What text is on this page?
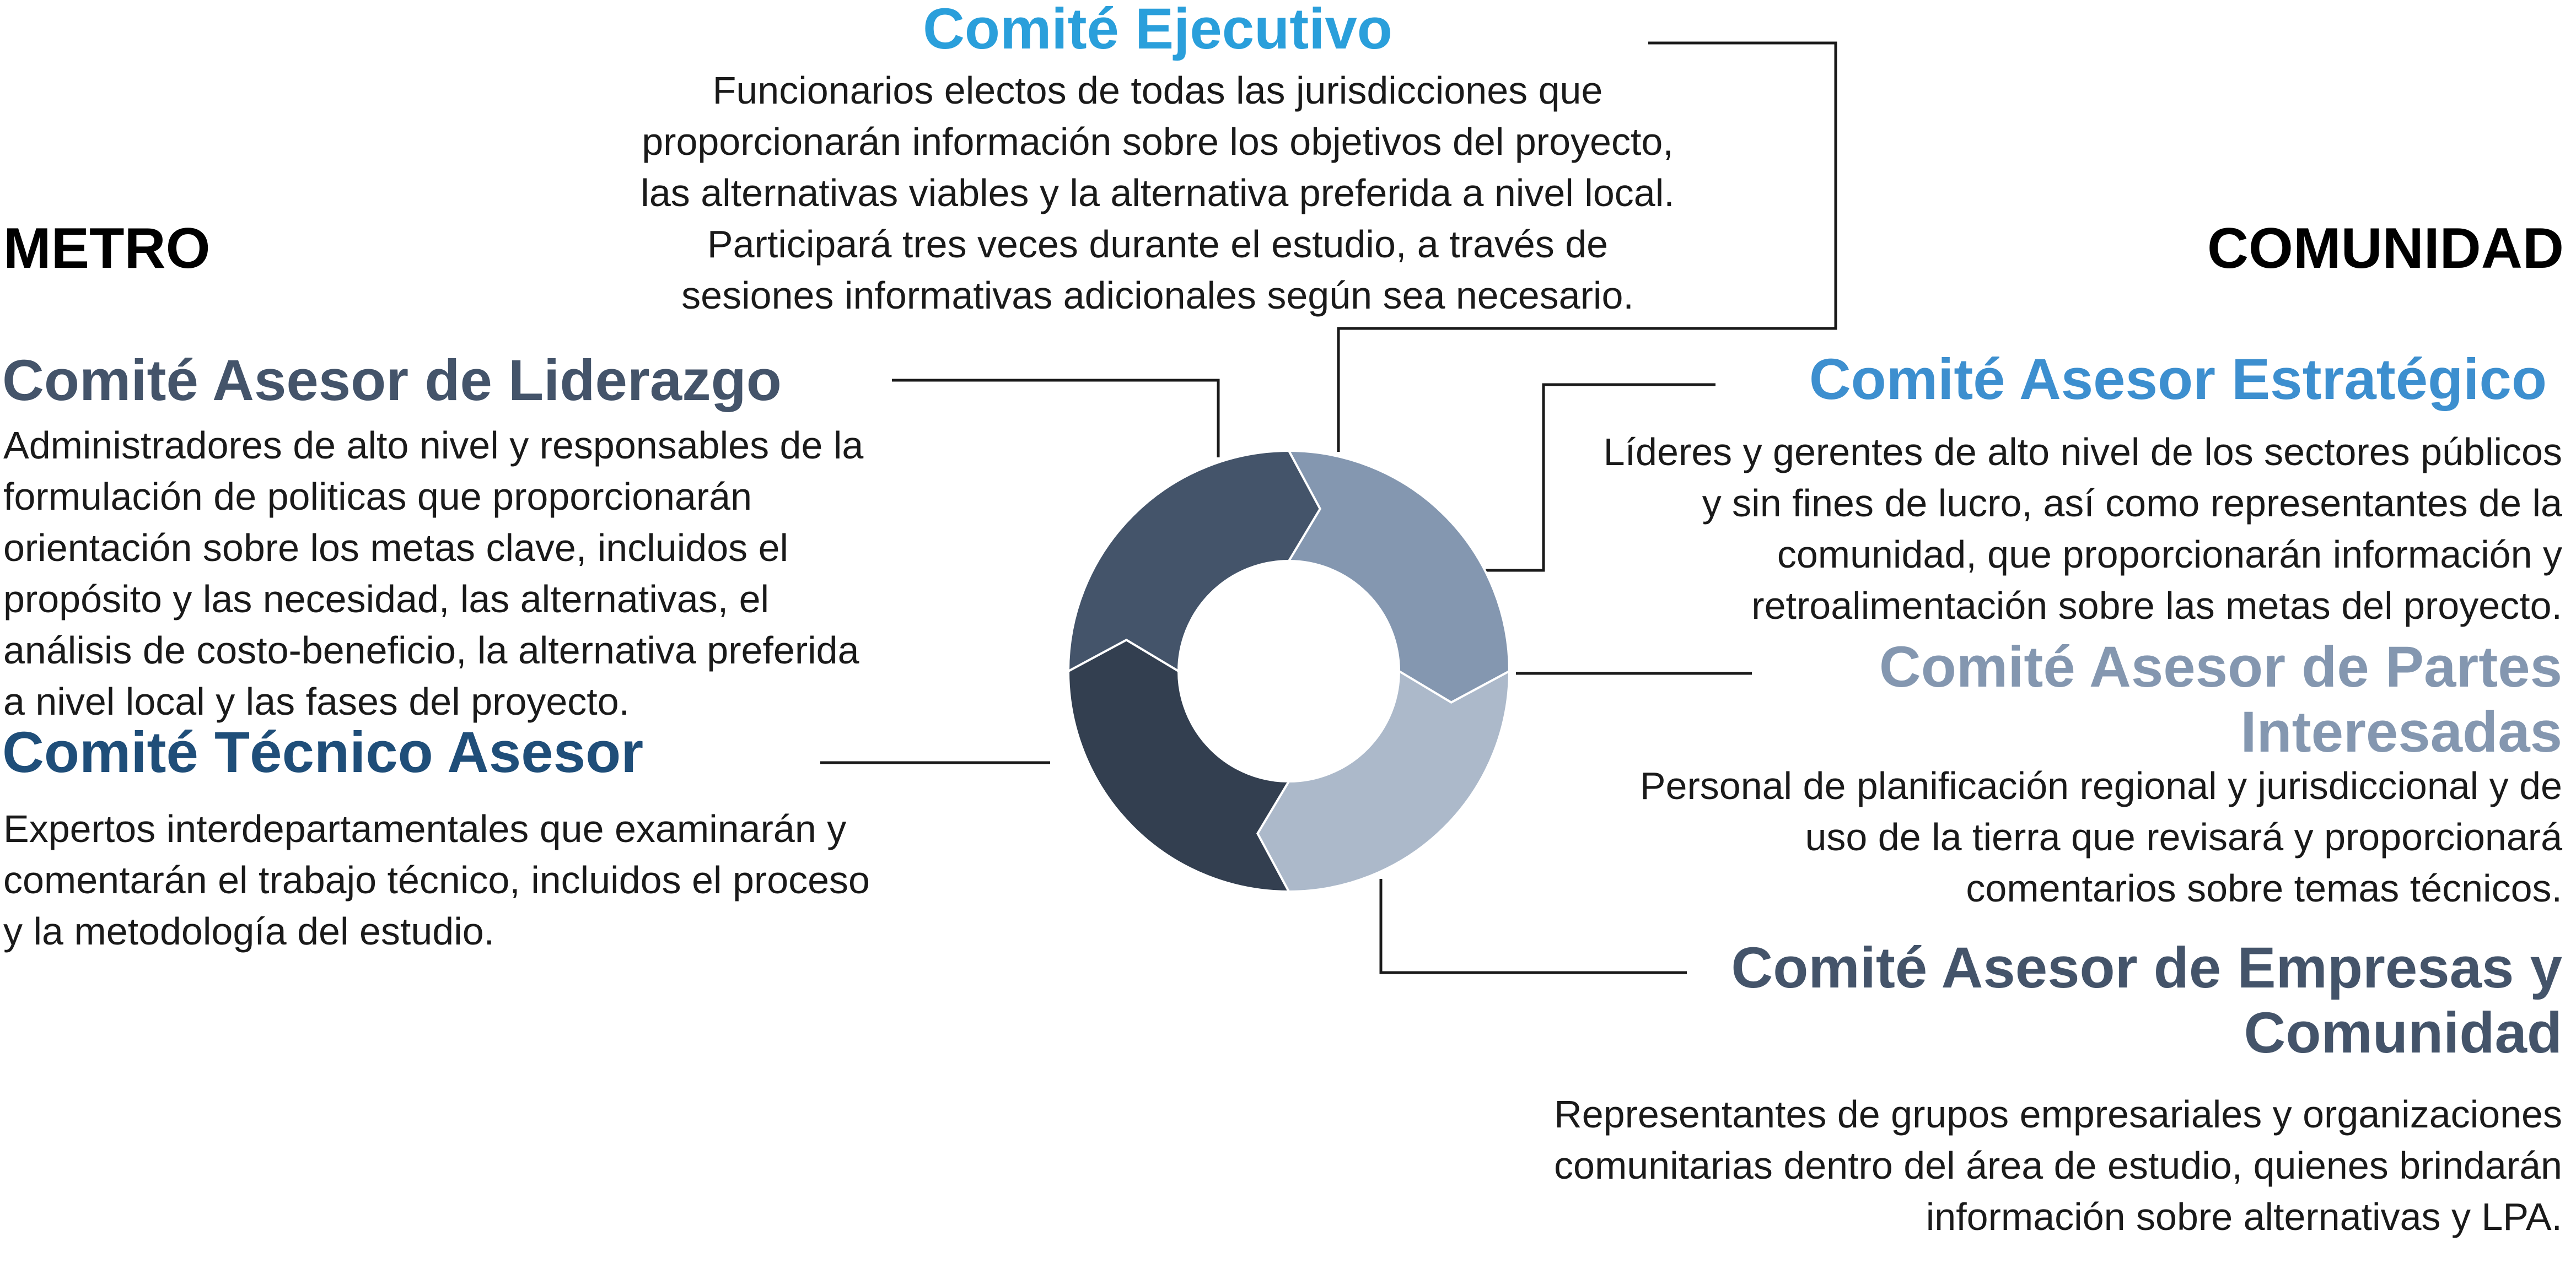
METRO	COMUNIDAD
Comité Ejecutivo
Funcionarios electos de todas las jurisdicciones que proporcionarán información sobre los objetivos del proyecto, las alternativas viables y la alternativa preferida a nivel local. Participará tres veces durante el estudio, a través de sesiones informativas adicionales según sea necesario.
Comité Asesor de Liderazgo
Administradores de alto nivel y responsables de la formulación de politicas que proporcionarán orientación sobre los metas clave, incluidos el propósito y las necesidad, las alternativas, el análisis de costo-beneficio, la alternativa preferida a nivel local y las fases del proyecto.
Comité Técnico Asesor
Expertos interdepartamentales que examinarán y comentarán el trabajo técnico, incluidos el proceso y la metodología del estudio.
Comité Asesor Estratégico
Líderes y gerentes de alto nivel de los sectores públicos y sin fines de lucro, así como representantes de la comunidad, que proporcionarán información y retroalimentación sobre las metas del proyecto.
Comité Asesor de Partes Interesadas
Personal de planificación regional y jurisdiccional y de uso de la tierra que revisará y proporcionará comentarios sobre temas técnicos.
Comité Asesor de Empresas y Comunidad
Representantes de grupos empresariales y organizaciones comunitarias dentro del área de estudio, quienes brindarán información sobre alternativas y LPA.
